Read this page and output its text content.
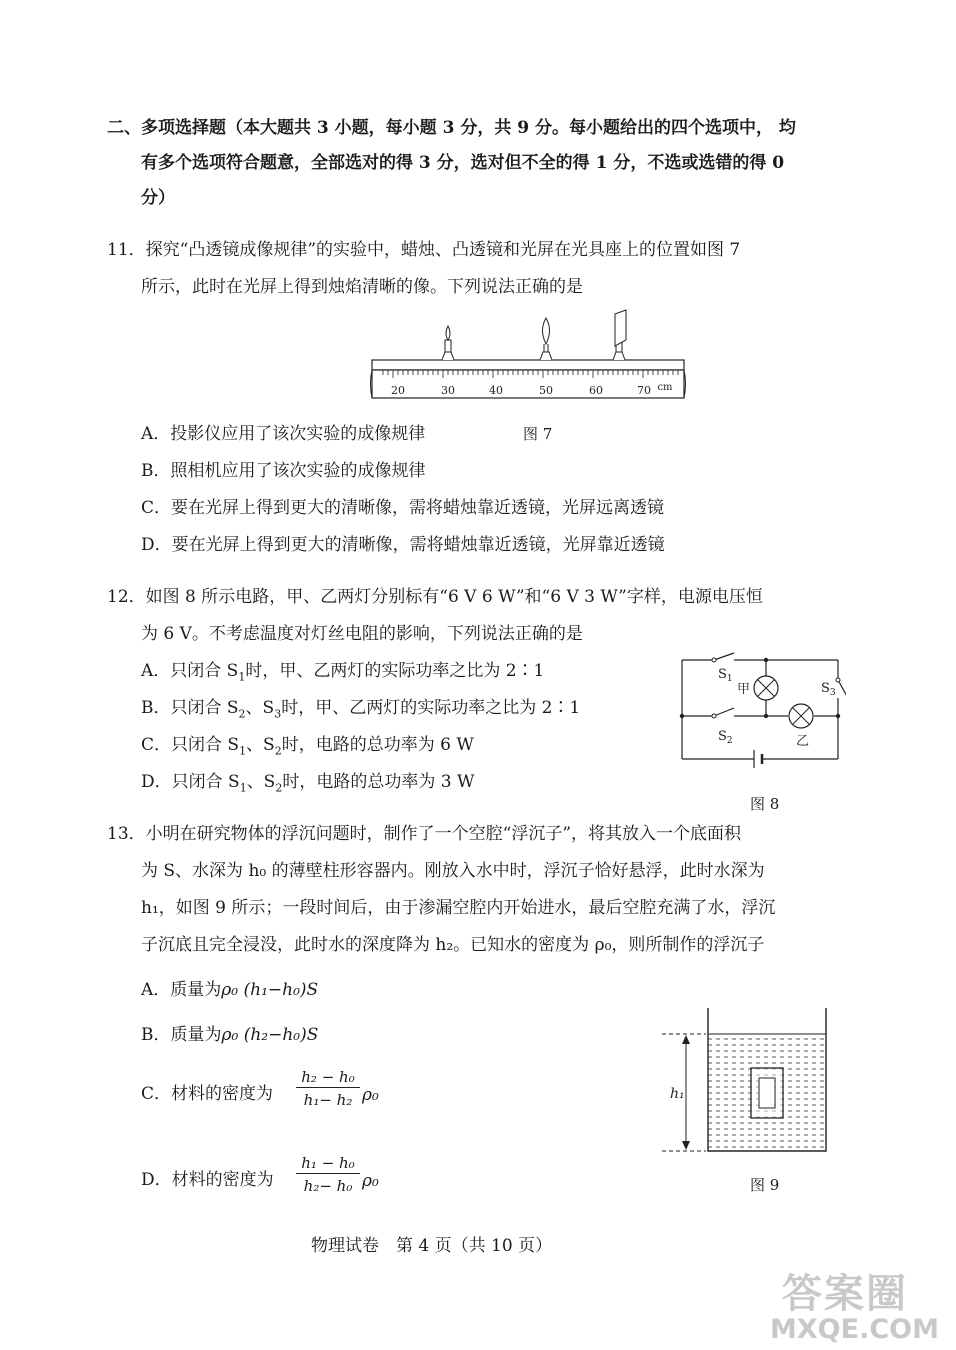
二、多项选择题（本大题共 3 小题，每小题 3 分，共 9 分。每小题给出的四个选项中， 均
有多个选项符合题意，全部选对的得 3 分，选对但不全的得 1 分，不选或选错的得 0
分）
11．探究“凸透镜成像规律”的实验中，蜡烛、凸透镜和光屏在光具座上的位置如图 7
所示，此时在光屏上得到烛焰清晰的像。下列说法正确的是
20	30	40	50	60	70 cm
A．投影仪应用了该次实验的成像规律	图 7
B．照相机应用了该次实验的成像规律
C．要在光屏上得到更大的清晰像，需将蜡烛靠近透镜，光屏远离透镜
D．要在光屏上得到更大的清晰像，需将蜡烛靠近透镜，光屏靠近透镜
12．如图 8 所示电路，甲、乙两灯分别标有“6 V 6 W”和“6 V 3 W”字样，电源电压恒
为 6 V。不考虑温度对灯丝电阻的影响，下列说法正确的是
A．只闭合 $S_1$时，甲、乙两灯的实际功率之比为 2∶1
B．只闭合 $S_2$、$S_3$时，甲、乙两灯的实际功率之比为 2∶1
C．只闭合 $S_1$、$S_2$时，电路的总功率为 6 W
D．只闭合 $S_1$、$S_2$时，电路的总功率为 3 W
$S_1$
$S_2$
$S_3$
甲
乙
图 8
13．小明在研究物体的浮沉问题时，制作了一个空腔“浮沉子”，将其放入一个底面积
为 S、水深为 h₀ 的薄壁柱形容器内。刚放入水中时，浮沉子恰好悬浮，此时水深为
h₁，如图 9 所示；一段时间后，由于渗漏空腔内开始进水，最后空腔充满了水，浮沉
子沉底且完全浸没，此时水的深度降为 h₂。已知水的密度为 ρ₀，则所制作的浮沉子
A．质量为ρ₀ (h₁−h₀)S
B．质量为ρ₀ (h₂−h₀)S
C．材料的密度为
h₂ − h₀
h₁− h₂ ρ₀
D．材料的密度为
h₁ − h₀
h₂− h₀ ρ₀
h₁
图 9
物理试卷　第 4 页（共 10 页）
答案圈
MXQE.COM
